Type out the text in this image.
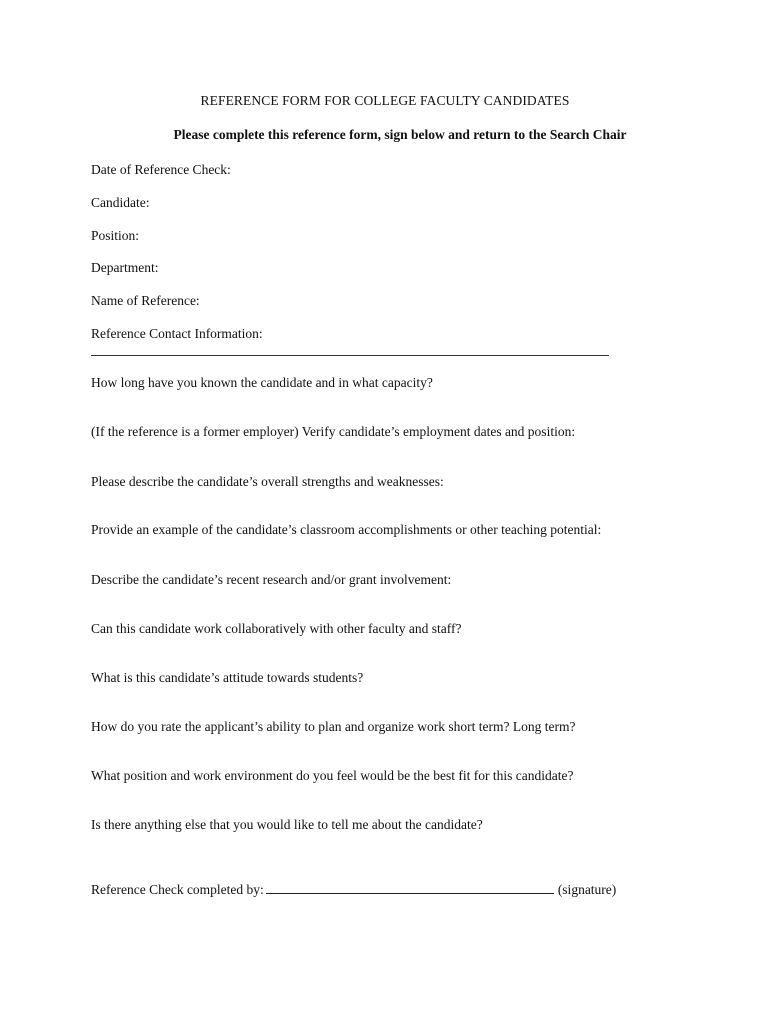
REFERENCE FORM FOR COLLEGE FACULTY CANDIDATES
Please complete this reference form, sign below and return to the Search Chair
Date of Reference Check:
Candidate:
Position:
Department:
Name of Reference:
Reference Contact Information:
How long have you known the candidate and in what capacity?
(If the reference is a former employer) Verify candidate’s employment dates and position:
Please describe the candidate’s overall strengths and weaknesses:
Provide an example of the candidate’s classroom accomplishments or other teaching potential:
Describe the candidate’s recent research and/or grant involvement:
Can this candidate work collaboratively with other faculty and staff?
What is this candidate’s attitude towards students?
How do you rate the applicant’s ability to plan and organize work short term? Long term?
What position and work environment do you feel would be the best fit for this candidate?
Is there anything else that you would like to tell me about the candidate?
Reference Check completed by:	(signature)
